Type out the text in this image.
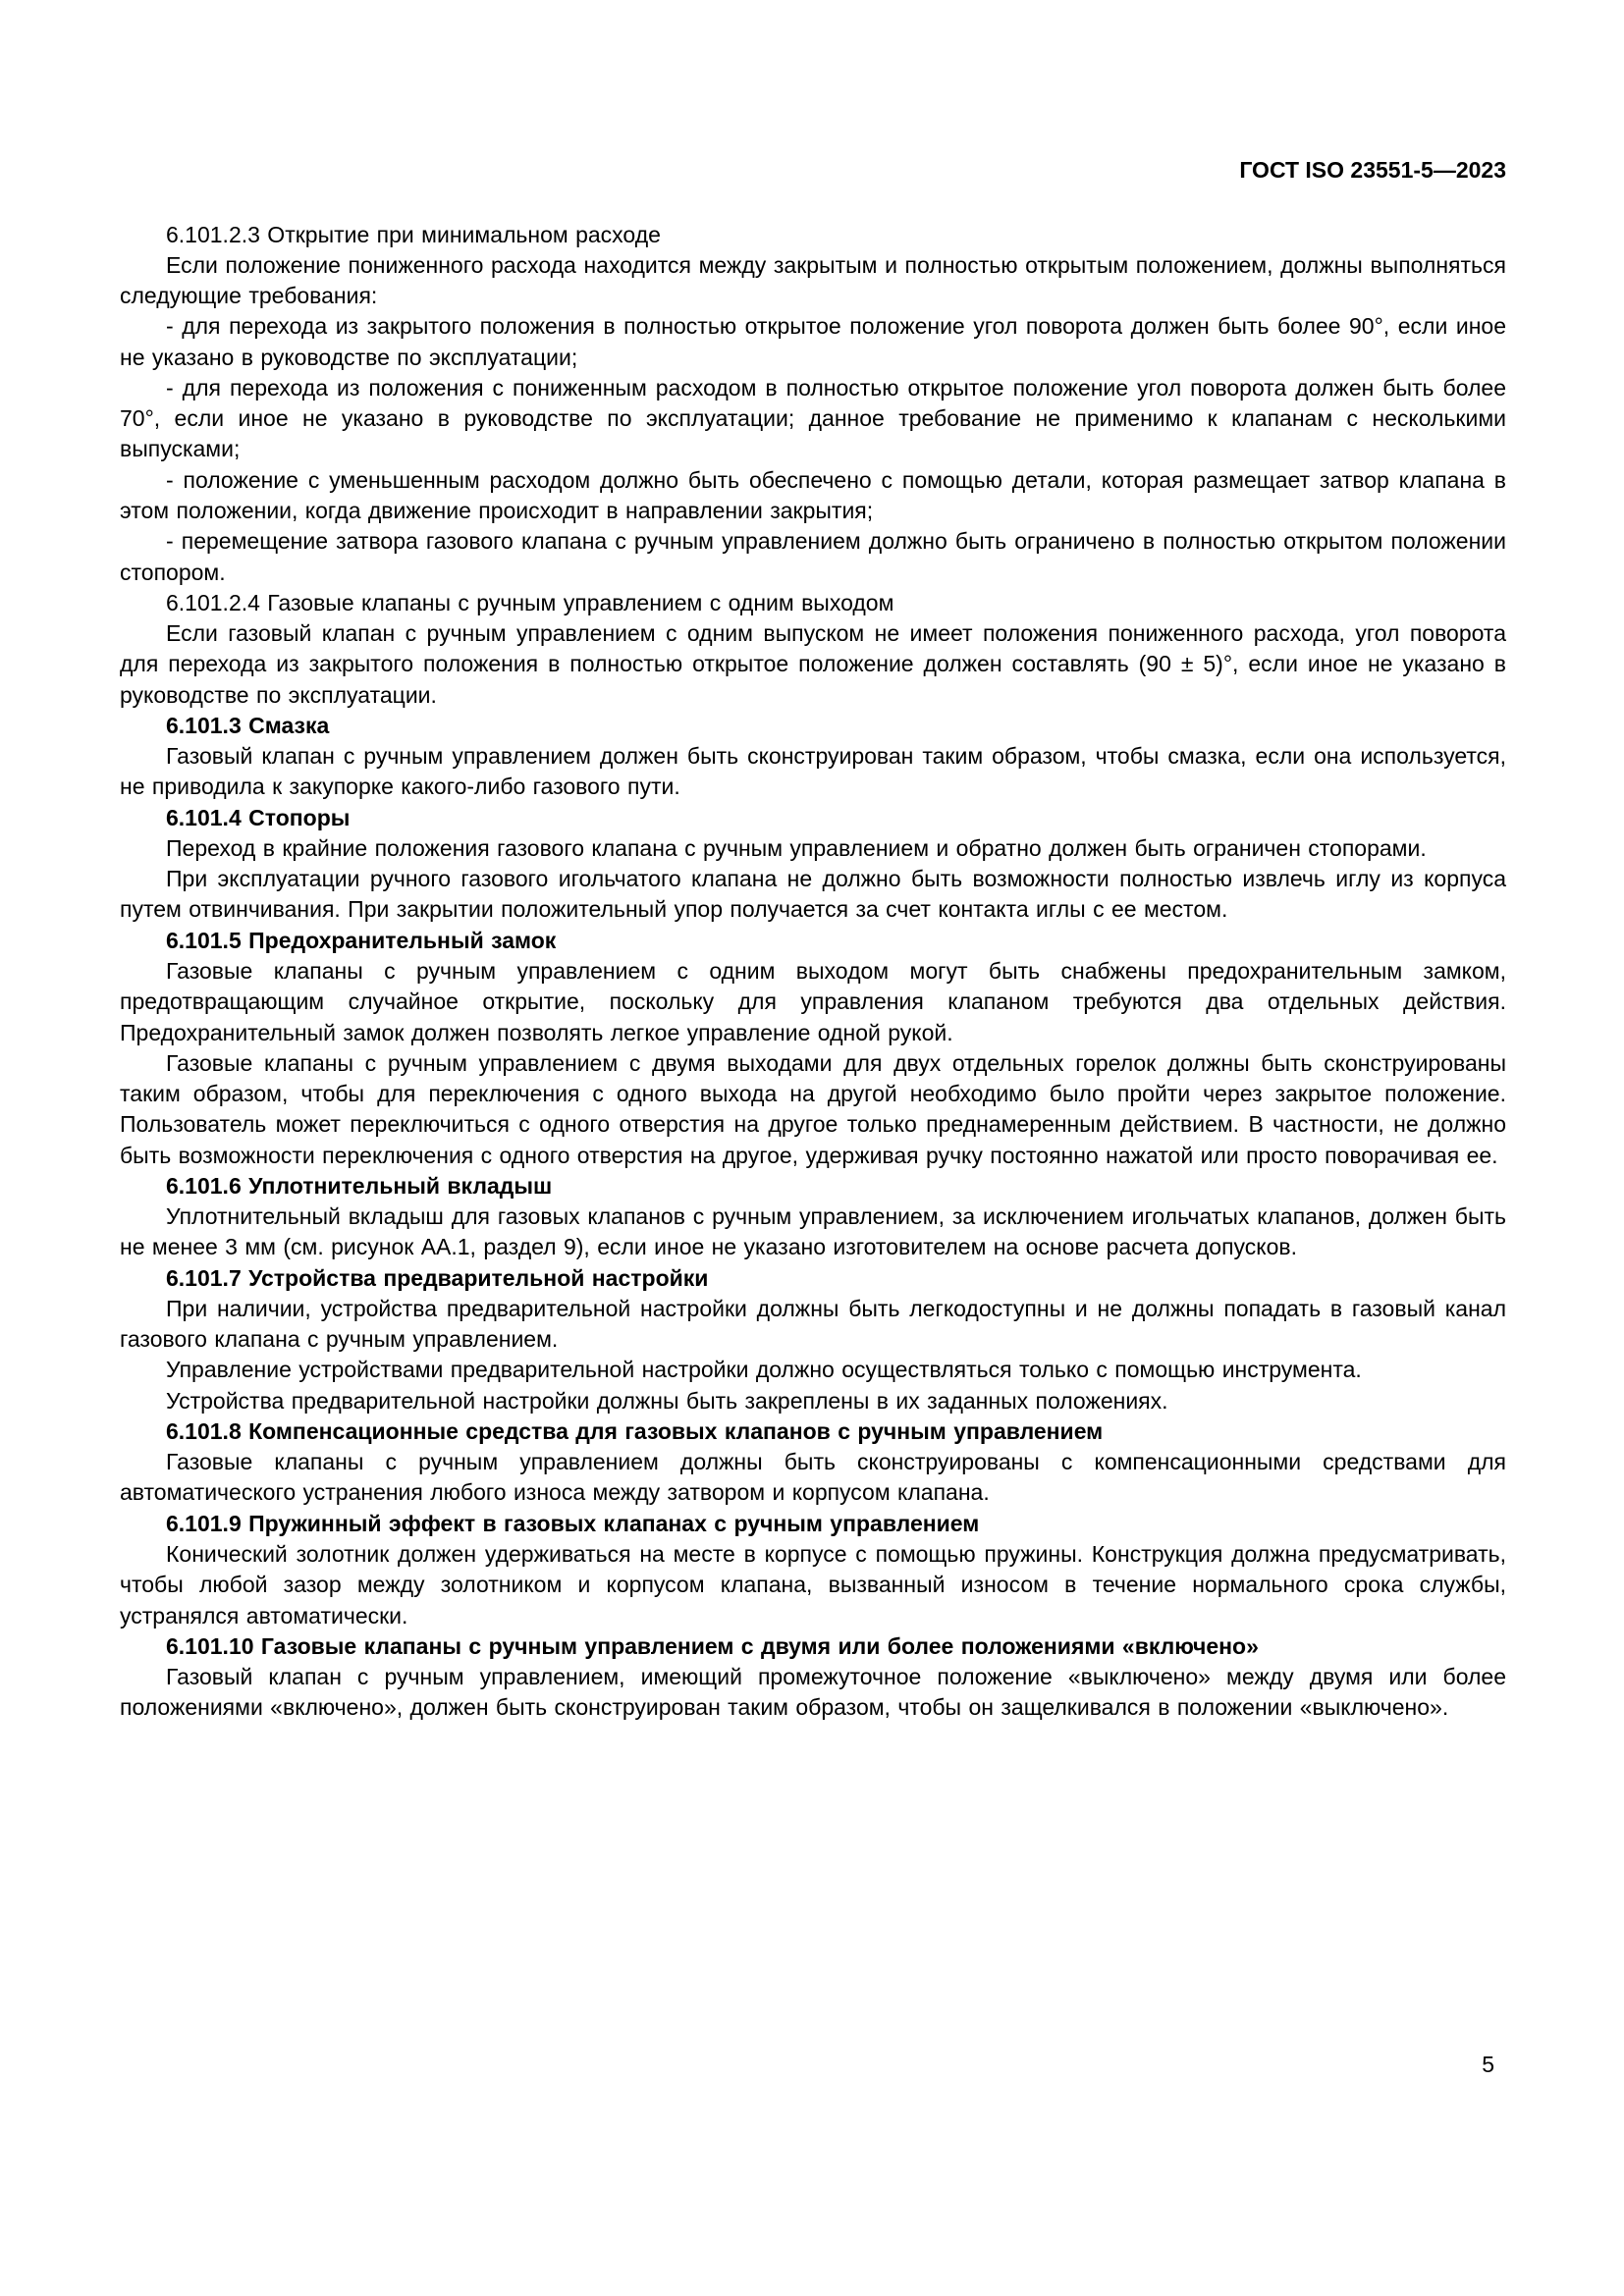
ГОСТ ISO 23551-5—2023

6.101.2.3 Открытие при минимальном расходе

Если положение пониженного расхода находится между закрытым и полностью открытым положением, должны выполняться следующие требования:

- для перехода из закрытого положения в полностью открытое положение угол поворота должен быть более 90°, если иное не указано в руководстве по эксплуатации;

- для перехода из положения с пониженным расходом в полностью открытое положение угол поворота должен быть более 70°, если иное не указано в руководстве по эксплуатации; данное требование не применимо к клапанам с несколькими выпусками;

- положение с уменьшенным расходом должно быть обеспечено с помощью детали, которая размещает затвор клапана в этом положении, когда движение происходит в направлении закрытия;

- перемещение затвора газового клапана с ручным управлением должно быть ограничено в полностью открытом положении стопором.

6.101.2.4 Газовые клапаны с ручным управлением с одним выходом

Если газовый клапан с ручным управлением с одним выпуском не имеет положения пониженного расхода, угол поворота для перехода из закрытого положения в полностью открытое положение должен составлять (90 ± 5)°, если иное не указано в руководстве по эксплуатации.

6.101.3 Смазка

Газовый клапан с ручным управлением должен быть сконструирован таким образом, чтобы смазка, если она используется, не приводила к закупорке какого-либо газового пути.

6.101.4 Стопоры

Переход в крайние положения газового клапана с ручным управлением и обратно должен быть ограничен стопорами.

При эксплуатации ручного газового игольчатого клапана не должно быть возможности полностью извлечь иглу из корпуса путем отвинчивания. При закрытии положительный упор получается за счет контакта иглы с ее местом.

6.101.5 Предохранительный замок

Газовые клапаны с ручным управлением с одним выходом могут быть снабжены предохранительным замком, предотвращающим случайное открытие, поскольку для управления клапаном требуются два отдельных действия. Предохранительный замок должен позволять легкое управление одной рукой.

Газовые клапаны с ручным управлением с двумя выходами для двух отдельных горелок должны быть сконструированы таким образом, чтобы для переключения с одного выхода на другой необходимо было пройти через закрытое положение. Пользователь может переключиться с одного отверстия на другое только преднамеренным действием. В частности, не должно быть возможности переключения с одного отверстия на другое, удерживая ручку постоянно нажатой или просто поворачивая ее.

6.101.6 Уплотнительный вкладыш

Уплотнительный вкладыш для газовых клапанов с ручным управлением, за исключением игольчатых клапанов, должен быть не менее 3 мм (см. рисунок АА.1, раздел 9), если иное не указано изготовителем на основе расчета допусков.

6.101.7 Устройства предварительной настройки

При наличии, устройства предварительной настройки должны быть легкодоступны и не должны попадать в газовый канал газового клапана с ручным управлением.

Управление устройствами предварительной настройки должно осуществляться только с помощью инструмента.

Устройства предварительной настройки должны быть закреплены в их заданных положениях.

6.101.8 Компенсационные средства для газовых клапанов с ручным управлением

Газовые клапаны с ручным управлением должны быть сконструированы с компенсационными средствами для автоматического устранения любого износа между затвором и корпусом клапана.

6.101.9 Пружинный эффект в газовых клапанах с ручным управлением

Конический золотник должен удерживаться на месте в корпусе с помощью пружины. Конструкция должна предусматривать, чтобы любой зазор между золотником и корпусом клапана, вызванный износом в течение нормального срока службы, устранялся автоматически.

6.101.10 Газовые клапаны с ручным управлением с двумя или более положениями «включено»

Газовый клапан с ручным управлением, имеющий промежуточное положение «выключено» между двумя или более положениями «включено», должен быть сконструирован таким образом, чтобы он защелкивался в положении «выключено».

5
